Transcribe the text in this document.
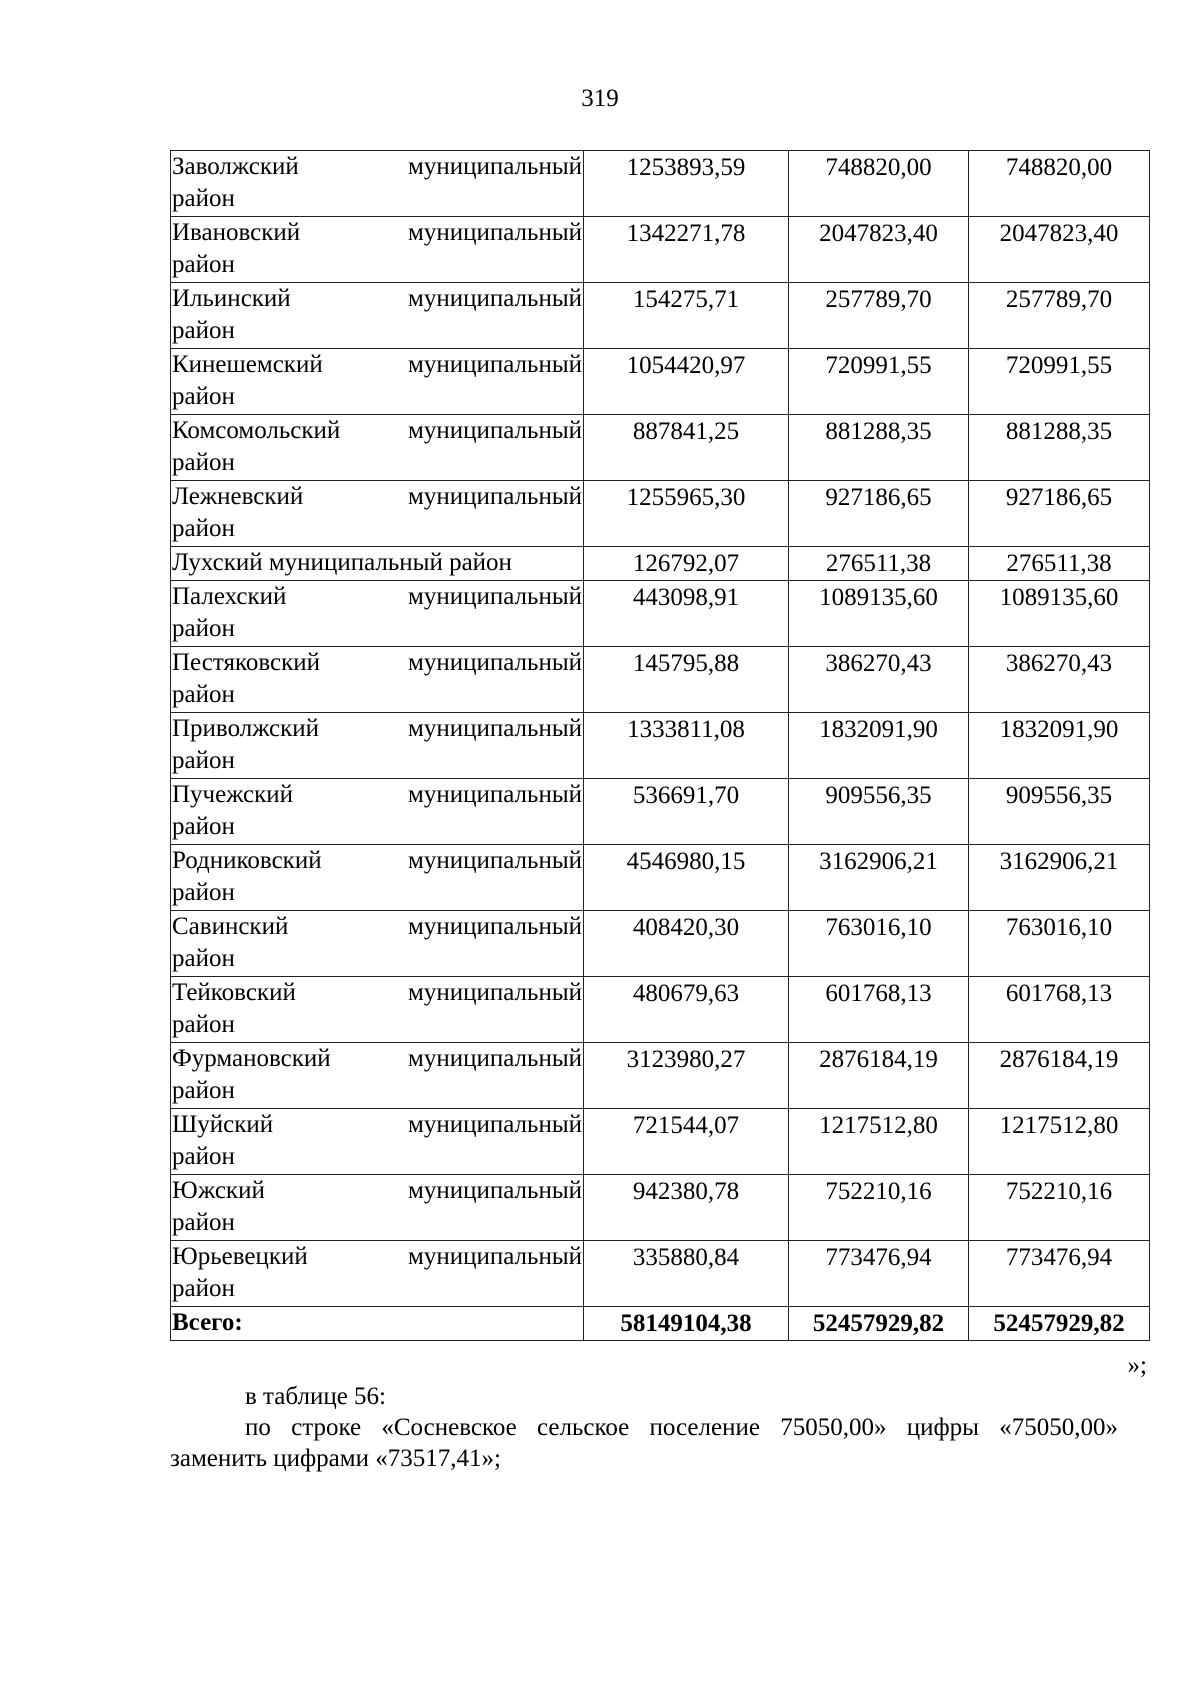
319
Заволжский муниципальный
район	1253893,59	748820,00	748820,00

Ивановский муниципальный
район	1342271,78	2047823,40	2047823,40

Ильинский муниципальный
район	154275,71	257789,70	257789,70

Кинешемский муниципальный
район	1054420,97	720991,55	720991,55

Комсомольский муниципальный
район	887841,25	881288,35	881288,35

Лежневский муниципальный
район	1255965,30	927186,65	927186,65
Лухский муниципальный район	126792,07	276511,38	276511,38

Палехский муниципальный
район	443098,91	1089135,60	1089135,60

Пестяковский муниципальный
район	145795,88	386270,43	386270,43

Приволжский муниципальный
район	1333811,08	1832091,90	1832091,90

Пучежский муниципальный
район	536691,70	909556,35	909556,35

Родниковский муниципальный
район	4546980,15	3162906,21	3162906,21

Савинский муниципальный
район	408420,30	763016,10	763016,10

Тейковский муниципальный
район	480679,63	601768,13	601768,13

Фурмановский муниципальный
район	3123980,27	2876184,19	2876184,19

Шуйский муниципальный
район	721544,07	1217512,80	1217512,80

Южский муниципальный
район	942380,78	752210,16	752210,16

Юрьевецкий муниципальный
район	335880,84	773476,94	773476,94
Всего:	58149104,38	52457929,82	52457929,82
»;
в таблице 56:
по строке «Сосневское сельское поселение 75050,00» цифры «75050,00» заменить цифрами «73517,41»;
